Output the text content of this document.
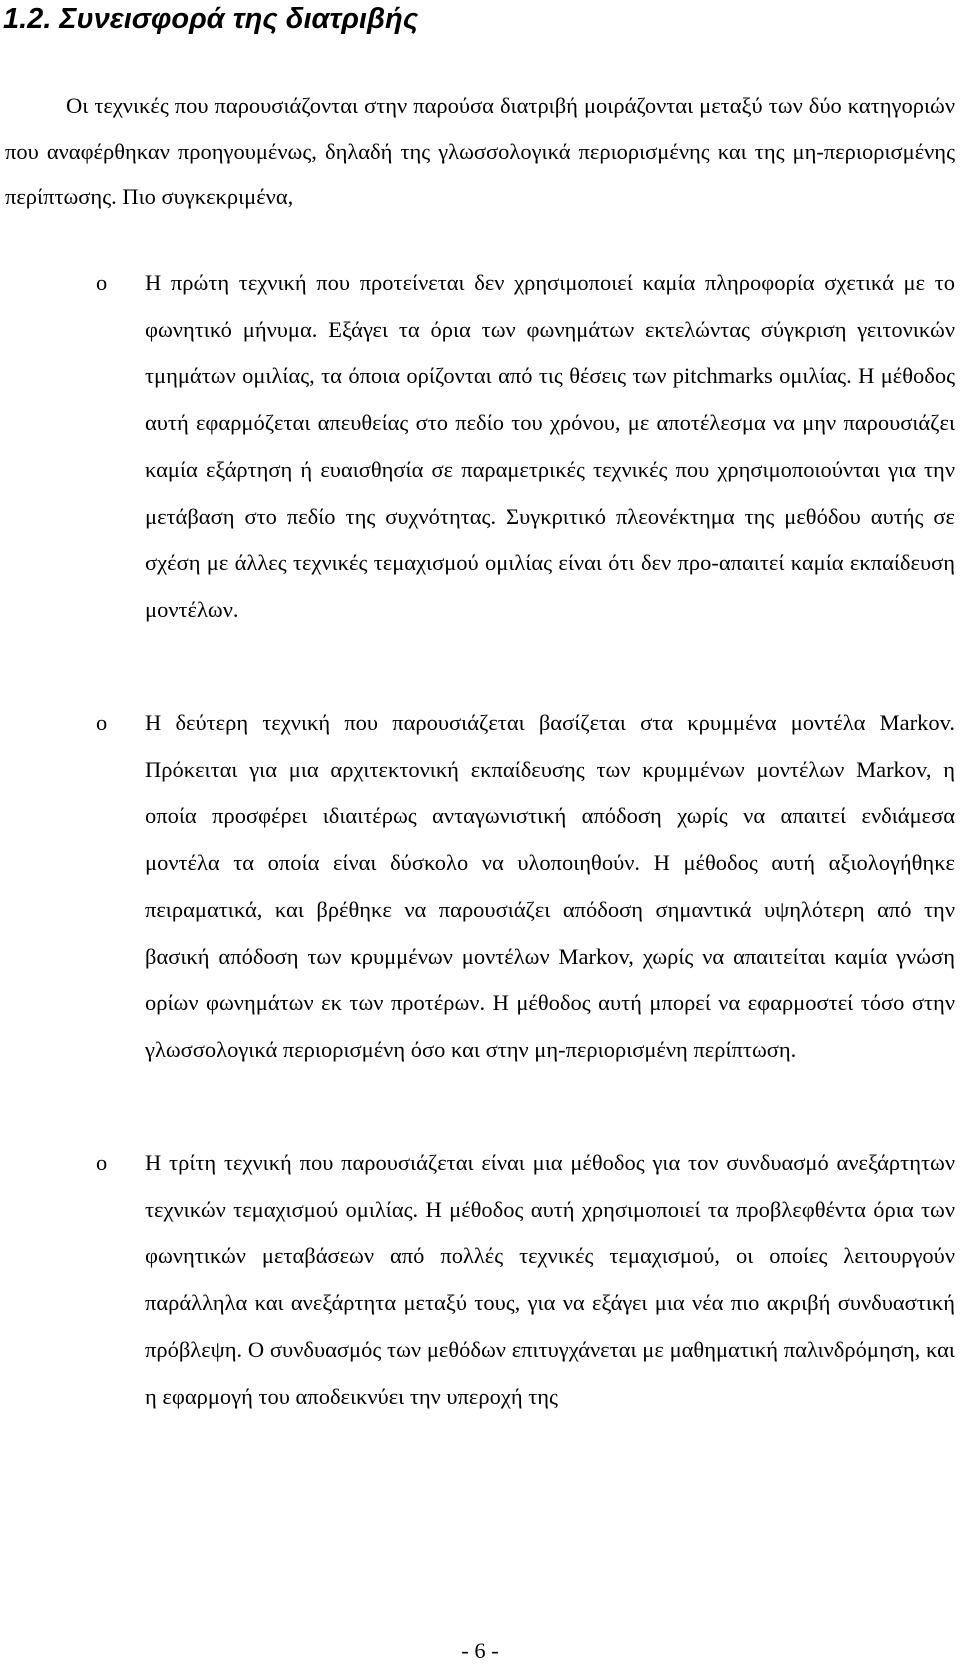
1.2. Συνεισφορά της διατριβής

Οι τεχνικές που παρουσιάζονται στην παρούσα διατριβή μοιράζονται μεταξύ των δύο κατηγοριών που αναφέρθηκαν προηγουμένως, δηλαδή της γλωσσολογικά περιορισμένης και της μη-περιορισμένης περίπτωσης. Πιο συγκεκριμένα,

o Η πρώτη τεχνική που προτείνεται δεν χρησιμοποιεί καμία πληροφορία σχετικά με το φωνητικό μήνυμα. Εξάγει τα όρια των φωνημάτων εκτελώντας σύγκριση γειτονικών τμημάτων ομιλίας, τα όποια ορίζονται από τις θέσεις των pitchmarks ομιλίας. Η μέθοδος αυτή εφαρμόζεται απευθείας στο πεδίο του χρόνου, με αποτέλεσμα να μην παρουσιάζει καμία εξάρτηση ή ευαισθησία σε παραμετρικές τεχνικές που χρησιμοποιούνται για την μετάβαση στο πεδίο της συχνότητας. Συγκριτικό πλεονέκτημα της μεθόδου αυτής σε σχέση με άλλες τεχνικές τεμαχισμού ομιλίας είναι ότι δεν προ-απαιτεί καμία εκπαίδευση μοντέλων.

o Η δεύτερη τεχνική που παρουσιάζεται βασίζεται στα κρυμμένα μοντέλα Markov. Πρόκειται για μια αρχιτεκτονική εκπαίδευσης των κρυμμένων μοντέλων Markov, η οποία προσφέρει ιδιαιτέρως ανταγωνιστική απόδοση χωρίς να απαιτεί ενδιάμεσα μοντέλα τα οποία είναι δύσκολο να υλοποιηθούν. Η μέθοδος αυτή αξιολογήθηκε πειραματικά, και βρέθηκε να παρουσιάζει απόδοση σημαντικά υψηλότερη από την βασική απόδοση των κρυμμένων μοντέλων Markov, χωρίς να απαιτείται καμία γνώση ορίων φωνημάτων εκ των προτέρων. Η μέθοδος αυτή μπορεί να εφαρμοστεί τόσο στην γλωσσολογικά περιορισμένη όσο και στην μη-περιορισμένη περίπτωση.

o Η τρίτη τεχνική που παρουσιάζεται είναι μια μέθοδος για τον συνδυασμό ανεξάρτητων τεχνικών τεμαχισμού ομιλίας. Η μέθοδος αυτή χρησιμοποιεί τα προβλεφθέντα όρια των φωνητικών μεταβάσεων από πολλές τεχνικές τεμαχισμού, οι οποίες λειτουργούν παράλληλα και ανεξάρτητα μεταξύ τους, για να εξάγει μια νέα πιο ακριβή συνδυαστική πρόβλεψη. Ο συνδυασμός των μεθόδων επιτυγχάνεται με μαθηματική παλινδρόμηση, και η εφαρμογή του αποδεικνύει την υπεροχή της

- 6 -
